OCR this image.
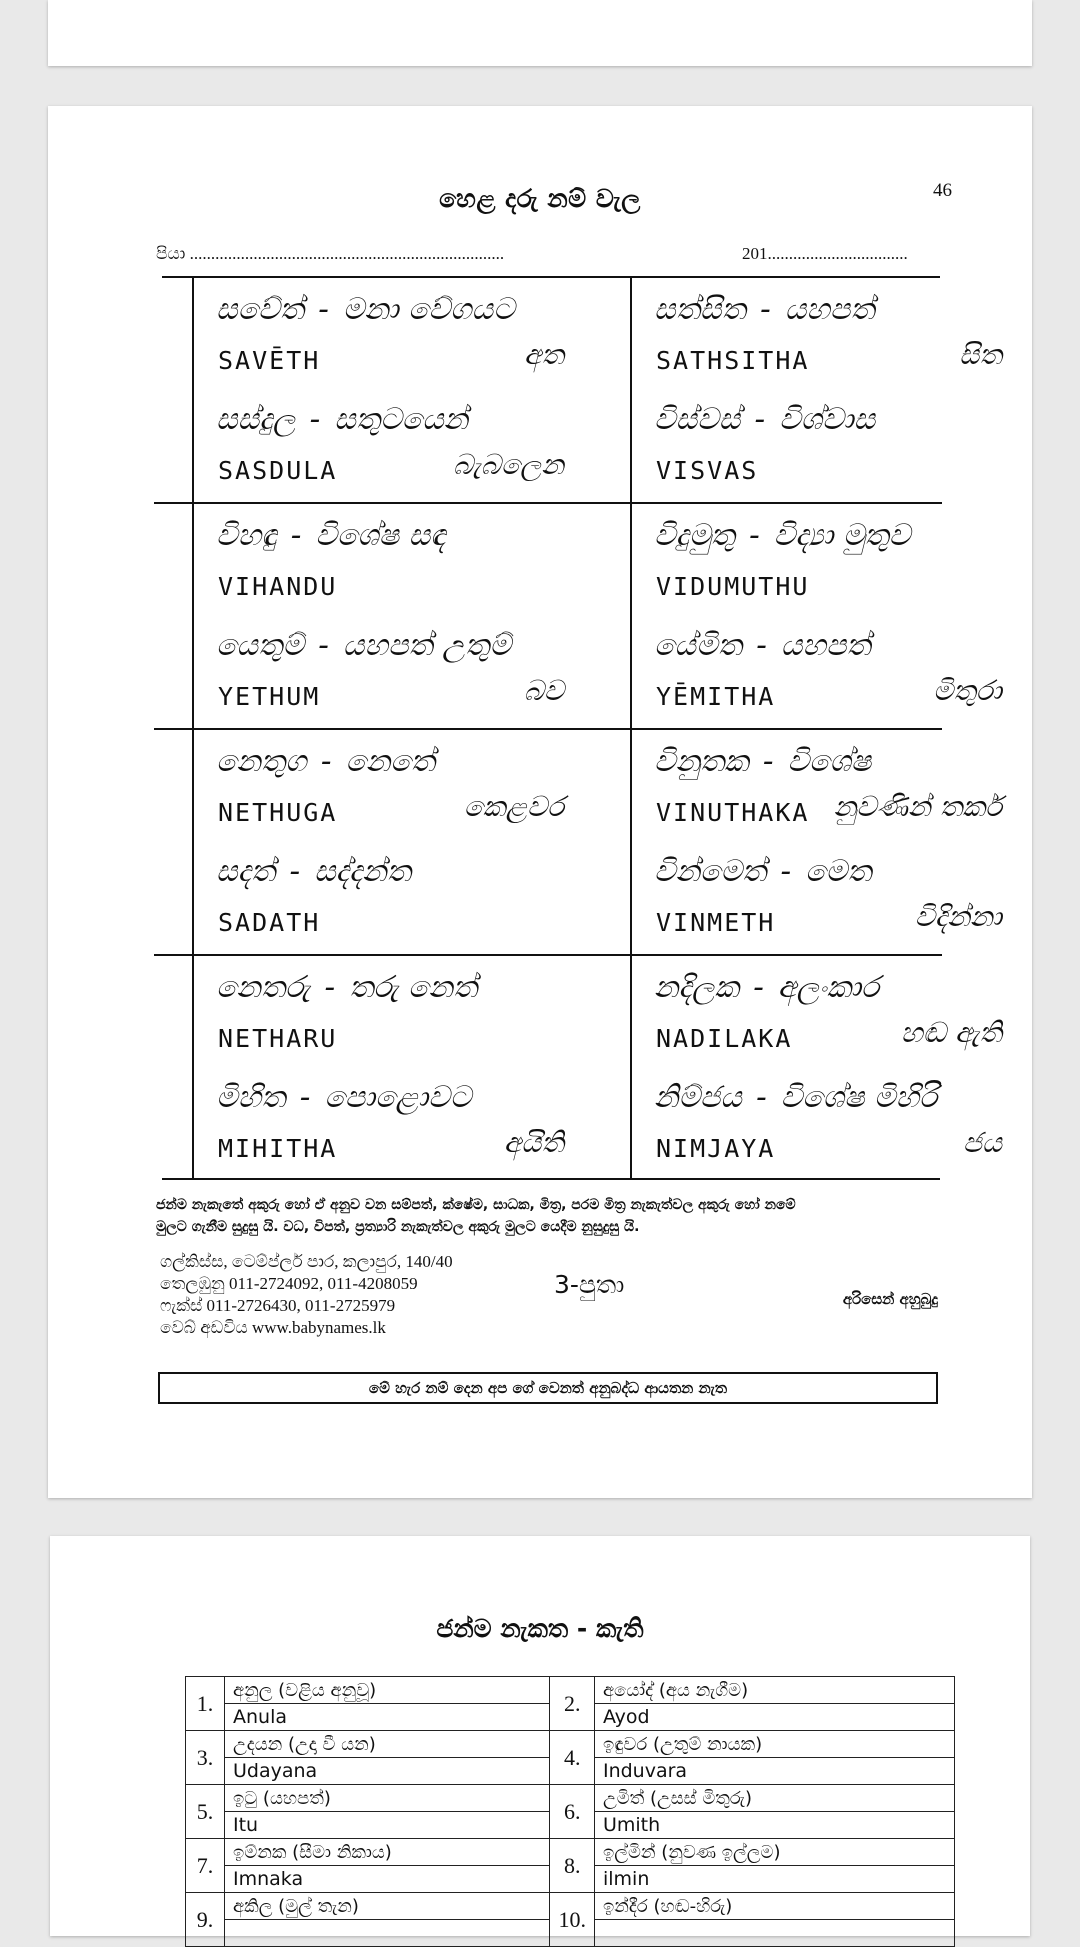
හෙළ දරු නම් වැල	46
පියා ..........................................................................	201.................................
සවේත් - මනා වේගයට
SAVĒTH	අත
සස්දුල - සතුටයෙන්
SASDULA	බැබලෙන
සත්සිත - යහපත්
SATHSITHA	සිත
විස්වස් - විශ්වාස
VISVAS
විහඳු - විශේෂ සඳ
VIHANDU
යෙතුම් - යහපත් උතුම්
YETHUM	බව
විදුමුතු - විද්‍යා මුතුව
VIDUMUTHU
යේමිත - යහපත්
YĒMITHA	මිතුරා
නෙතුග - නෙතේ
NETHUGA	කෙළවර
සදත් - සද්දන්ත
SADATH
විනුතක - විශේෂ
VINUTHAKA නුවණින් තර්ක
වින්මෙත් - මෙත
VINMETH	විදින්නා
නෙතරු - තරු නෙත්
NETHARU
මිහිත - පොළොවට
MIHITHA	අයිති
නදිලක - අලංකාර
NADILAKA	හඬ ඇති
නිම්ජය - විශේෂ මිහිරි
NIMJAYA	ජය
ජන්ම නැකැතේ අකුරු හෝ ඒ අනුව වන සම්පත්, ක්ෂේම, සාධක, මිත්‍ර, පරම මිත්‍ර නැකැත්වල අකුරු හෝ නමේ
මුලට ගැනීම සුදුසු යි. වධ, විපත්, ප්‍රත්‍යාරි නැකැත්වල අකුරු මුලට යෙදීම නුසුදුසු යි.
ගල්කිස්ස, ටෙම්ප්ලර් පාර, කලාපුර, 140/40
තෙලඹුනු 011-2724092, 011-4208059
ෆැක්ස් 011-2726430, 011-2725979
වෙබ් අඩවිය www.babynames.lk
3-පුතා	අරිසෙන් අහුබුදු
මේ හැර නම් දෙන අප ගේ වෙනත් අනුබද්ධ ආයතන නැත
ජන්ම නැකත - කැති
1.	අනුල (වළිය අනුවූ)	2.	අයෝද් (අය නැගීම)
	Anula		Ayod
3.	උදයන (උදා වී යන)	4.	ඉඳුවර (උතුම් නායක)
	Udayana		Induvara
5.	ඉටු (යහපත්)	6.	උමිත් (උසස් මිතුරු)
	Itu		Umith
7.	ඉම්නක (සීමා නිකාය)	8.	ඉල්මින් (නුවණ ඉල්ලම)
	Imnaka		ilmin
9.	අකිල (මුල් තැන)	10.	ඉන්දීර (හඬ-හිරු)
